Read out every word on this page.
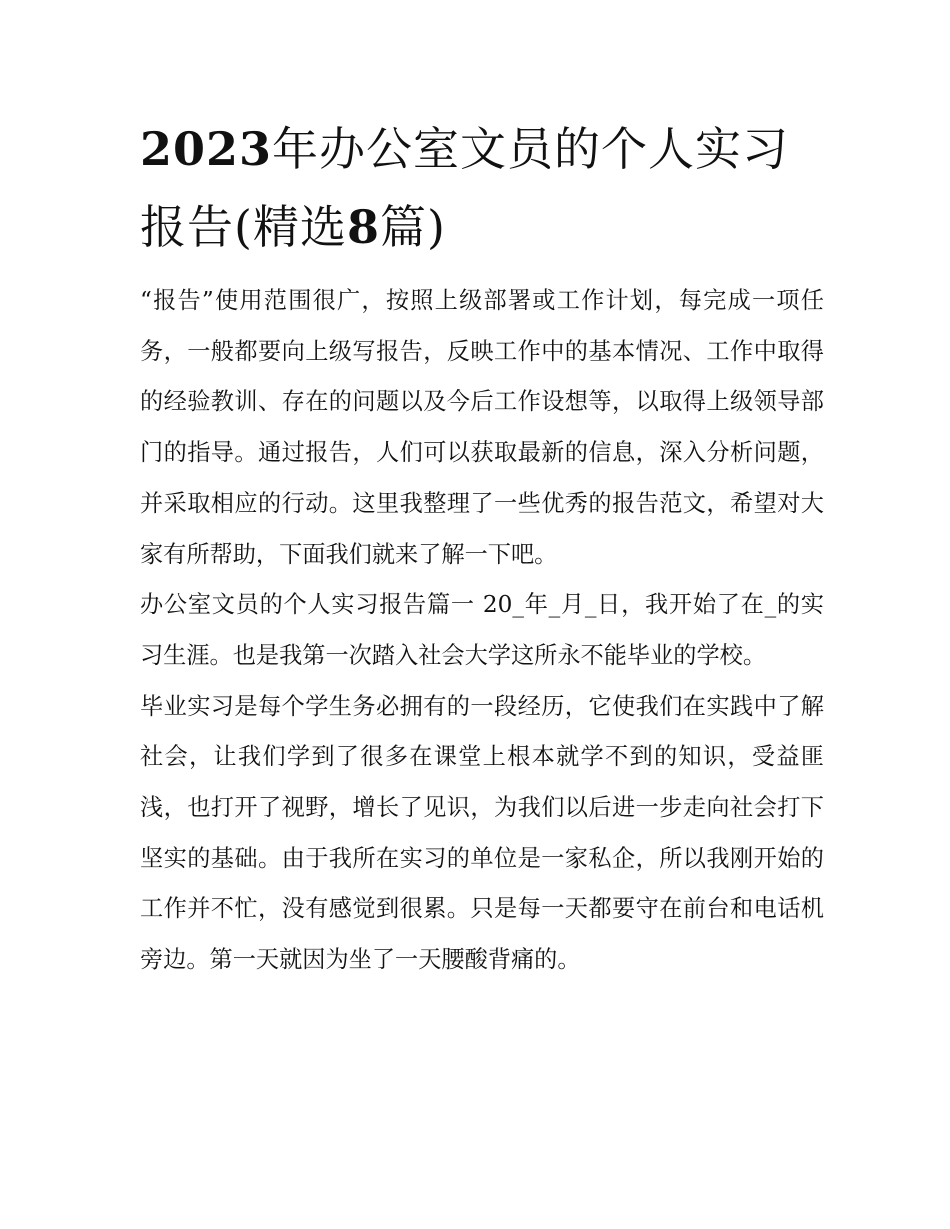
2023年办公室文员的个人实习
报告(精选8篇)

“报告”使用范围很广，按照上级部署或工作计划，每完成一项任务，一般都要向上级写报告，反映工作中的基本情况、工作中取得的经验教训、存在的问题以及今后工作设想等，以取得上级领导部门的指导。通过报告，人们可以获取最新的信息，深入分析问题，并采取相应的行动。这里我整理了一些优秀的报告范文，希望对大家有所帮助，下面我们就来了解一下吧。

办公室文员的个人实习报告篇一 20_年_月_日，我开始了在_的实习生涯。也是我第一次踏入社会大学这所永不能毕业的学校。

毕业实习是每个学生务必拥有的一段经历，它使我们在实践中了解社会，让我们学到了很多在课堂上根本就学不到的知识，受益匪浅，也打开了视野，增长了见识，为我们以后进一步走向社会打下坚实的基础。由于我所在实习的单位是一家私企，所以我刚开始的工作并不忙，没有感觉到很累。只是每一天都要守在前台和电话机旁边。第一天就因为坐了一天腰酸背痛的。
